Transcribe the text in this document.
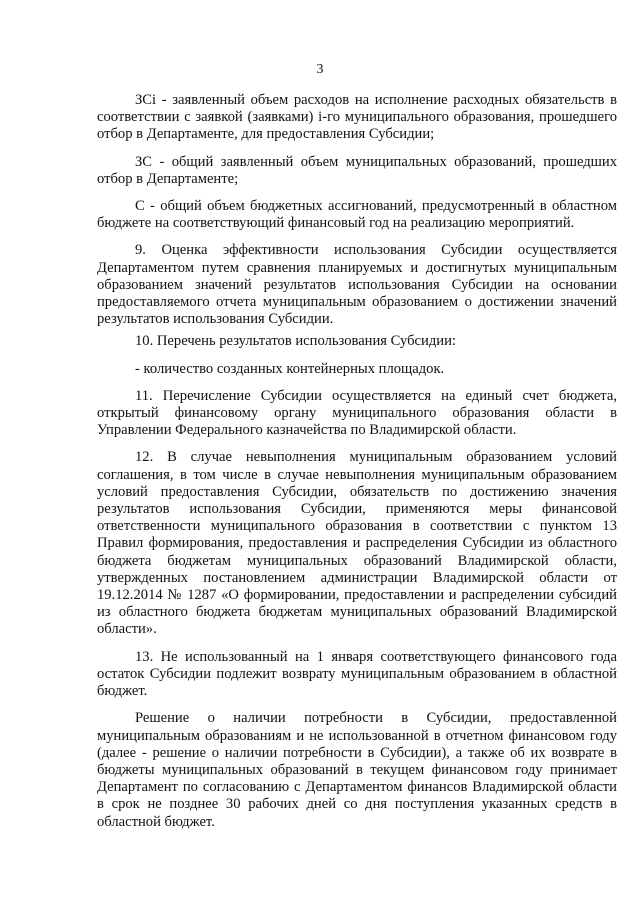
3

ЗСi - заявленный объем расходов на исполнение расходных обязательств в соответствии с заявкой (заявками) i-го муниципального образования, прошедшего отбор в Департаменте, для предоставления Субсидии;

ЗС - общий заявленный объем муниципальных образований, прошедших отбор в Департаменте;

С - общий объем бюджетных ассигнований, предусмотренный в областном бюджете на соответствующий финансовый год на реализацию мероприятий.

9. Оценка эффективности использования Субсидии осуществляется Департаментом путем сравнения планируемых и достигнутых муниципальным образованием значений результатов использования Субсидии на основании предоставляемого отчета муниципальным образованием о достижении значений результатов использования Субсидии.

10. Перечень результатов использования Субсидии:

- количество созданных контейнерных площадок.

11. Перечисление Субсидии осуществляется на единый счет бюджета, открытый финансовому органу муниципального образования области в Управлении Федерального казначейства по Владимирской области.

12. В случае невыполнения муниципальным образованием условий соглашения, в том числе в случае невыполнения муниципальным образованием условий предоставления Субсидии, обязательств по достижению значения результатов использования Субсидии, применяются меры финансовой ответственности муниципального образования в соответствии с пунктом 13 Правил формирования, предоставления и распределения Субсидии из областного бюджета бюджетам муниципальных образований Владимирской области, утвержденных постановлением администрации Владимирской области от 19.12.2014 № 1287 «О формировании, предоставлении и распределении субсидий из областного бюджета бюджетам муниципальных образований Владимирской области».

13. Не использованный на 1 января соответствующего финансового года остаток Субсидии подлежит возврату муниципальным образованием в областной бюджет.

Решение о наличии потребности в Субсидии, предоставленной муниципальным образованиям и не использованной в отчетном финансовом году (далее - решение о наличии потребности в Субсидии), а также об их возврате в бюджеты муниципальных образований в текущем финансовом году принимает Департамент по согласованию с Департаментом финансов Владимирской области в срок не позднее 30 рабочих дней со дня поступления указанных средств в областной бюджет.
